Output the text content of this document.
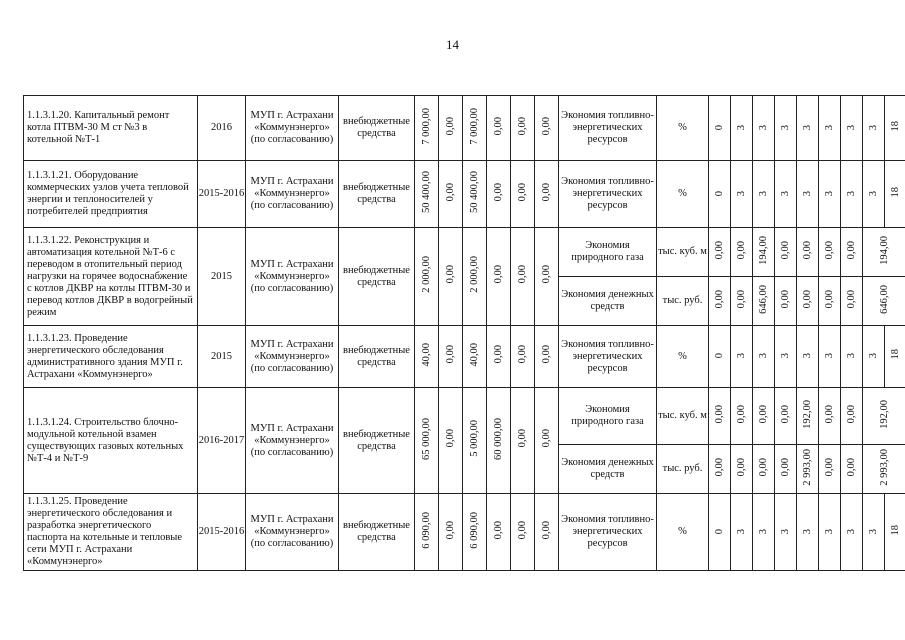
14
1.1.3.1.20. Капитальный ремонт котла ПТВМ-30 М ст №3 в котельной №Т-1	2016	МУП г. Астрахани «Коммунэнерго» (по согласованию)	внебюджетные средства	7 000,00	0,00	7 000,00	0,00	0,00	0,00	Экономия топливно-энергетических ресурсов	%	0	3	3	3	3	3	3	3	18
1.1.3.1.21. Оборудование коммерческих узлов учета тепловой энергии и теплоносителей у потребителей предприятия	2015-2016	МУП г. Астрахани «Коммунэнерго» (по согласованию)	внебюджетные средства	50 400,00	0,00	50 400,00	0,00	0,00	0,00	Экономия топливно-энергетических ресурсов	%	0	3	3	3	3	3	3	3	18
1.1.3.1.22. Реконструкция и автоматизация котельной №Т-6 с переводом в отопительный период нагрузки на горячее водоснабжение с котлов ДКВР на котлы ПТВМ-30 и перевод котлов ДКВР в водогрейный режим	2015	МУП г. Астрахани «Коммунэнерго» (по согласованию)	внебюджетные средства	2 000,00	0,00	2 000,00	0,00	0,00	0,00	Экономия природного газа	тыс. куб. м	0,00	0,00	194,00	0,00	0,00	0,00	0,00	194,00	
										Экономия денежных средств	тыс. руб.	0,00	0,00	646,00	0,00	0,00	0,00	0,00	646,00	
1.1.3.1.23. Проведение энергетического обследования административного здания МУП г. Астрахани «Коммунэнерго»	2015	МУП г. Астрахани «Коммунэнерго» (по согласованию)	внебюджетные средства	40,00	0,00	40,00	0,00	0,00	0,00	Экономия топливно-энергетических ресурсов	%	0	3	3	3	3	3	3	3	18
1.1.3.1.24. Строительство блочно-модульной котельной взамен существующих газовых котельных №Т-4 и №Т-9	2016-2017	МУП г. Астрахани «Коммунэнерго» (по согласованию)	внебюджетные средства	65 000,00	0,00	5 000,00	60 000,00	0,00	0,00	Экономия природного газа	тыс. куб. м	0,00	0,00	0,00	0,00	192,00	0,00	0,00	192,00	
										Экономия денежных средств	тыс. руб.	0,00	0,00	0,00	0,00	2 993,00	0,00	0,00	2 993,00	
1.1.3.1.25. Проведение энергетического обследования и разработка энергетического паспорта на котельные и тепловые сети МУП г. Астрахани «Коммунэнерго»	2015-2016	МУП г. Астрахани «Коммунэнерго» (по согласованию)	внебюджетные средства	6 090,00	0,00	6 090,00	0,00	0,00	0,00	Экономия топливно-энергетических ресурсов	%	0	3	3	3	3	3	3	3	18
